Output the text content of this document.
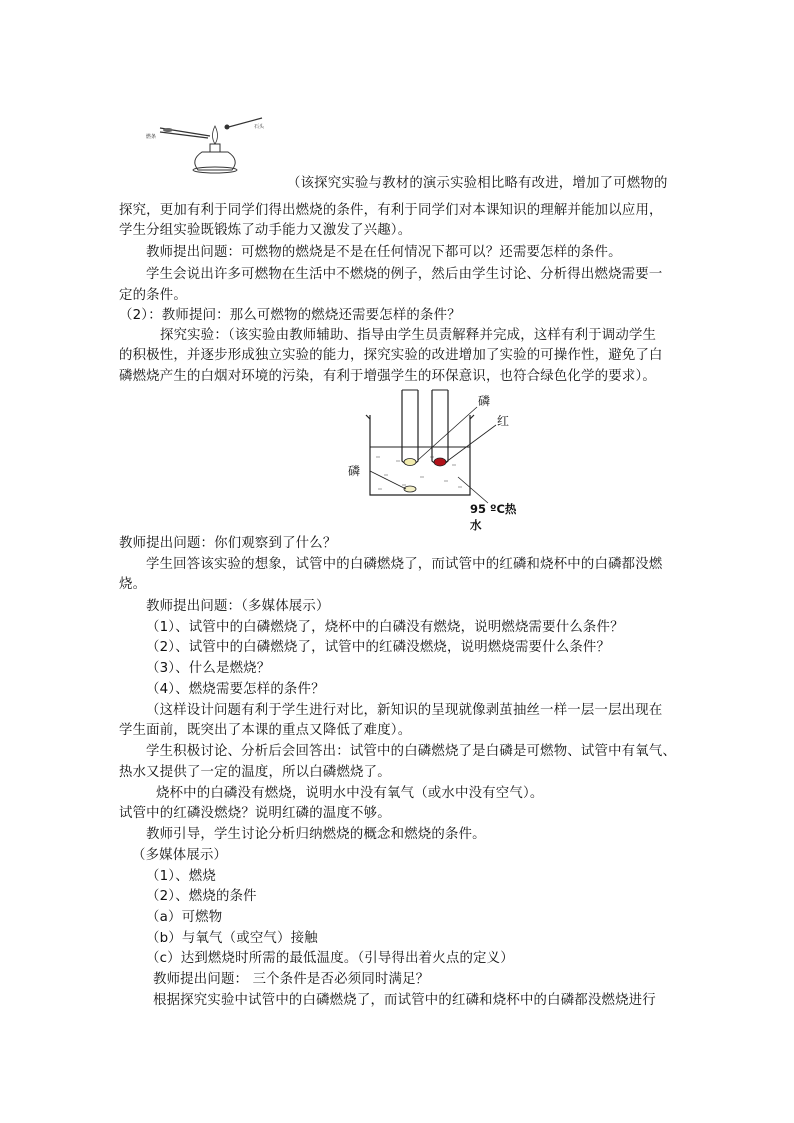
燃条
石头
磷
红
磷
95 ºC热
水
（该探究实验与教材的演示实验相比略有改进，增加了可燃物的
探究，更加有利于同学们得出燃烧的条件，有利于同学们对本课知识的理解并能加以应用，
学生分组实验既锻炼了动手能力又激发了兴趣）。
教师提出问题：可燃物的燃烧是不是在任何情况下都可以？还需要怎样的条件。
学生会说出许多可燃物在生活中不燃烧的例子，然后由学生讨论、分析得出燃烧需要一
定的条件。
（2）：教师提问：那么可燃物的燃烧还需要怎样的条件？
探究实验：（该实验由教师辅助、指导由学生员责解释并完成，这样有利于调动学生
的积极性，并逐步形成独立实验的能力，探究实验的改进增加了实验的可操作性，避免了白
磷燃烧产生的白烟对环境的污染，有利于增强学生的环保意识，也符合绿色化学的要求）。
教师提出问题：你们观察到了什么？
学生回答该实验的想象，试管中的白磷燃烧了，而试管中的红磷和烧杯中的白磷都没燃
烧。
教师提出问题：（多媒体展示）
（1）、试管中的白磷燃烧了，烧杯中的白磷没有燃烧，说明燃烧需要什么条件？
（2）、试管中的白磷燃烧了，试管中的红磷没燃烧，说明燃烧需要什么条件？
（3）、什么是燃烧？
（4）、燃烧需要怎样的条件？
（这样设计问题有利于学生进行对比，新知识的呈现就像剥茧抽丝一样一层一层出现在
学生面前，既突出了本课的重点又降低了难度）。
学生积极讨论、分析后会回答出：试管中的白磷燃烧了是白磷是可燃物、试管中有氧气、
热水又提供了一定的温度，所以白磷燃烧了。
烧杯中的白磷没有燃烧，说明水中没有氧气（或水中没有空气）。
试管中的红磷没燃烧？说明红磷的温度不够。
教师引导，学生讨论分析归纳燃烧的概念和燃烧的条件。
（多媒体展示）
（1）、燃烧
（2）、燃烧的条件
（a）可燃物
（b）与氧气（或空气）接触
（c）达到燃烧时所需的最低温度。（引导得出着火点的定义）
教师提出问题： 三个条件是否必须同时满足？
根据探究实验中试管中的白磷燃烧了，而试管中的红磷和烧杯中的白磷都没燃烧进行
